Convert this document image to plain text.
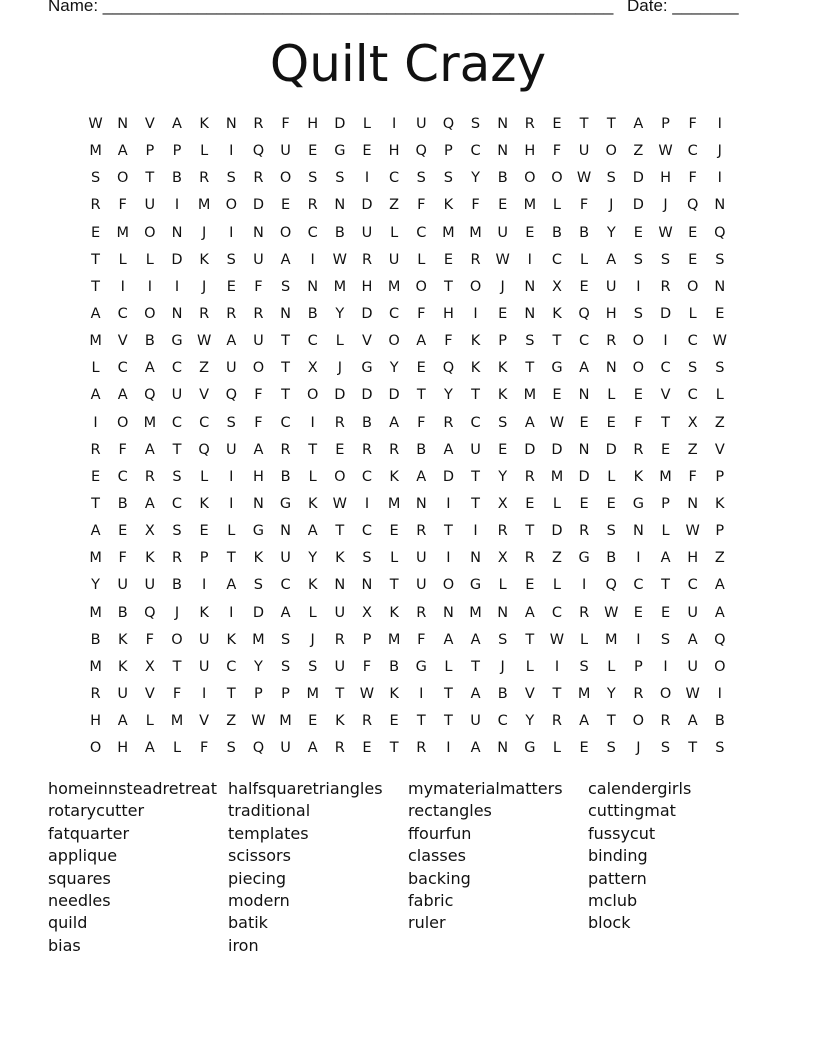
Name: ______________________________________________________ Date: _______
Quilt Crazy
W	N	V	A	K	N	R	F	H	D	L	I	U	Q	S	N	R	E	T	T	A	P	F	I
M	A	P	P	L	I	Q	U	E	G	E	H	Q	P	C	N	H	F	U	O	Z	W	C	J
S	O	T	B	R	S	R	O	S	S	I	C	S	S	Y	B	O	O W	S	D	H	F	I
R	F	U	I	M	O	D	E	R	N	D	Z	F	K	F	E	M	L	F	J	D	J	Q	N
E	M	O	N	J	I	N	O	C	B	U	L	C	M	M	U	E	B	B	Y	E	W	E	Q
T	L	L	D	K	S	U	A	I	W	R	U	L	E	R	W	I	C	L	A	S	S	E	S
T	I	I	I	J	E	F	S	N	M	H	M	O	T	O	J	N	X	E	U	I	R	O	N
A	C	O	N	R	R	R	N	B	Y	D	C	F	H	I	E	N	K	Q	H	S	D	L	E
M	V	B	G W	A	U	T	C	L	V	O	A	F	K	P	S	T	C	R	O	I	C	W
L	C	A	C	Z	U	O	T	X	J	G	Y	E	Q	K	K	T	G	A	N	O	C	S	S
A	A	Q	U	V	Q	F	T	O	D	D	D	T	Y	T	K	M	E	N	L	E	V	C	L
I	O	M	C	C	S	F	C	I	R	B	A	F	R	C	S	A	W	E	E	F	T	X	Z
R	F	A	T	Q	U	A	R	T	E	R	R	B	A	U	E	D	D	N	D	R	E	Z	V
E	C	R	S	L	I	H	B	L	O	C	K	A	D	T	Y	R	M	D	L	K	M	F	P
T	B	A	C	K	I	N	G	K	W	I	M	N	I	T	X	E	L	E	E	G	P	N	K
A	E	X	S	E	L	G	N	A	T	C	E	R	T	I	R	T	D	R	S	N	L	W	P
M	F	K	R	P	T	K	U	Y	K	S	L	U	I	N	X	R	Z	G	B	I	A	H	Z
Y	U	U	B	I	A	S	C	K	N	N	T	U	O	G	L	E	L	I	Q	C	T	C	A
M	B	Q	J	K	I	D	A	L	U	X	K	R	N	M	N	A	C	R	W	E	E	U	A
B	K	F	O	U	K	M	S	J	R	P	M	F	A	A	S	T	W	L	M	I	S	A	Q
M	K	X	T	U	C	Y	S	S	U	F	B	G	L	T	J	L	I	S	L	P	I	U	O
R	U	V	F	I	T	P	P	M	T	W	K	I	T	A	B	V	T	M	Y	R	O W	I
H	A	L	M	V	Z	W M	E	K	R	E	T	T	U	C	Y	R	A	T	O	R	A	B
O	H	A	L	F	S	Q	U	A	R	E	T	R	I	A	N	G	L	E	S	J	S	T	S
homeinnsteadretreat
rotarycutter
fatquarter
applique
squares
needles
quild
bias
halfsquaretriangles
traditional
templates
scissors
piecing
modern
batik
iron
mymaterialmatters
rectangles
ffourfun
classes
backing
fabric
ruler
calendergirls
cuttingmat
fussycut
binding
pattern
mclub
block
